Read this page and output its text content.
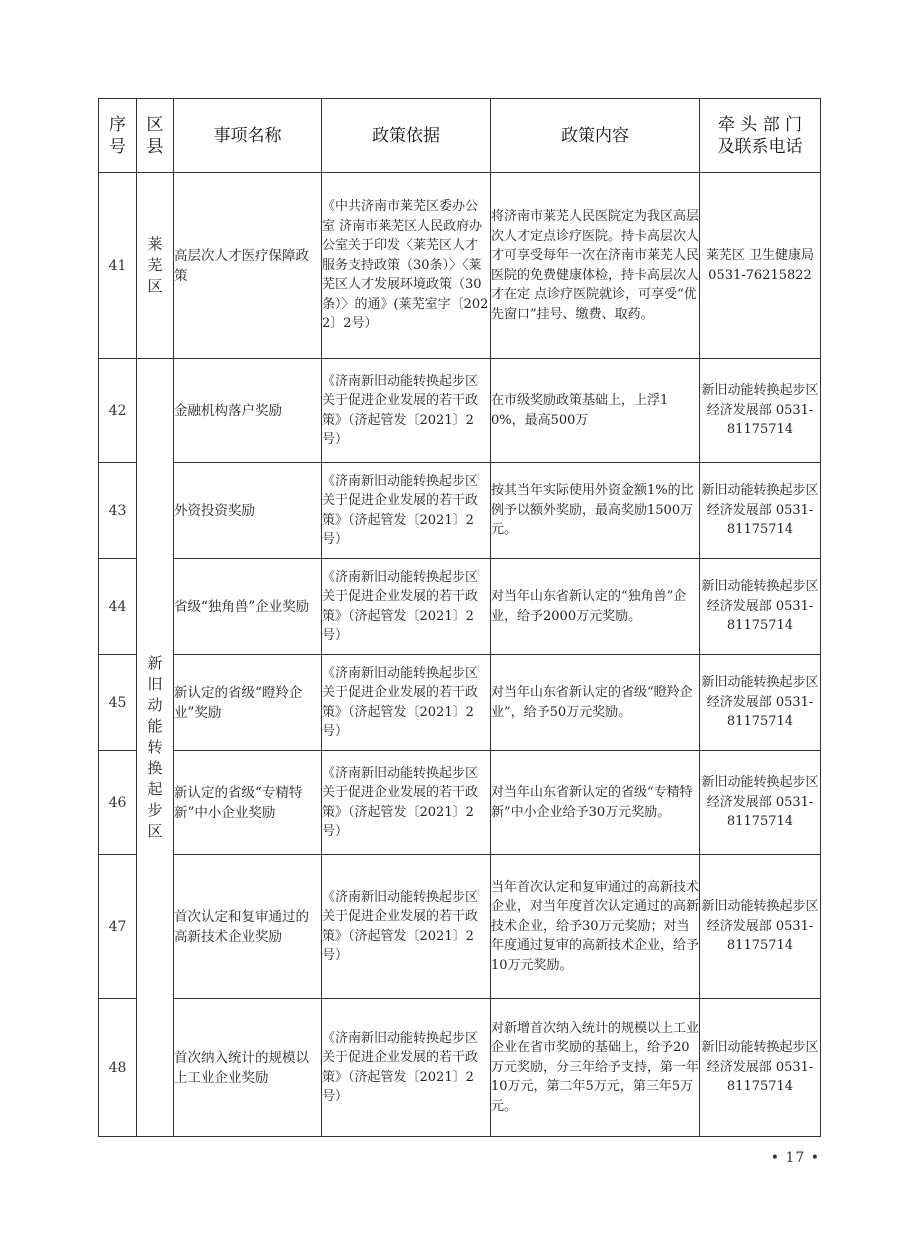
序号	区县	事项名称	政策依据	政策内容	牵 头 部 门 及联系电话

41	莱芜区	高层次人才医疗保障政策	《中共济南市莱芜区委办公室 济南市莱芜区人民政府办公室关于印发〈莱芜区人才服务支持政策（30条）〉〈莱芜区人才发展环境政策（30条）〉的通》(莱芜室字〔2022〕2号）	将济南市莱芜人民医院定为我区高层次人才定点诊疗医院。持卡高层次人才可享受每年一次在济南市莱芜人民医院的免费健康体检，持卡高层次人才在定 点诊疗医院就诊，可享受“优先窗口”挂号、缴费、取药。	莱芜区 卫生健康局 0531-76215822
42	新旧动能转换起步区	金融机构落户奖励	《济南新旧动能转换起步区关于促进企业发展的若干政策》（济起管发〔2021〕2号）	在市级奖励政策基础上，上浮10%，最高500万	新旧动能转换起步区经济发展部 0531-81175714
43		外资投资奖励	《济南新旧动能转换起步区关于促进企业发展的若干政策》（济起管发〔2021〕2号）	按其当年实际使用外资金额1%的比例予以额外奖励，最高奖励1500万元。	新旧动能转换起步区经济发展部 0531-81175714
44		省级“独角兽”企业奖励	《济南新旧动能转换起步区关于促进企业发展的若干政策》（济起管发〔2021〕2号）	对当年山东省新认定的“独角兽”企业，给予2000万元奖励。	新旧动能转换起步区经济发展部 0531-81175714
45		新认定的省级“瞪羚企业”奖励	《济南新旧动能转换起步区关于促进企业发展的若干政策》（济起管发〔2021〕2号）	对当年山东省新认定的省级“瞪羚企业”，给予50万元奖励。	新旧动能转换起步区经济发展部 0531-81175714
46		新认定的省级“专精特新”中小企业奖励	《济南新旧动能转换起步区关于促进企业发展的若干政策》（济起管发〔2021〕2号）	对当年山东省新认定的省级“专精特新”中小企业给予30万元奖励。	新旧动能转换起步区经济发展部 0531-81175714
47		首次认定和复审通过的高新技术企业奖励	《济南新旧动能转换起步区关于促进企业发展的若干政策》（济起管发〔2021〕2号）	当年首次认定和复审通过的高新技术企业，对当年度首次认定通过的高新技术企业，给予30万元奖励；对当年度通过复审的高新技术企业，给予10万元奖励。	新旧动能转换起步区经济发展部 0531-81175714
48		首次纳入统计的规模以上工业企业奖励	《济南新旧动能转换起步区关于促进企业发展的若干政策》（济起管发〔2021〕2号）	对新增首次纳入统计的规模以上工业企业在省市奖励的基础上，给予20万元奖励，分三年给予支持，第一年10万元，第二年5万元，第三年5万元。	新旧动能转换起步区经济发展部 0531-81175714
• 17 •
